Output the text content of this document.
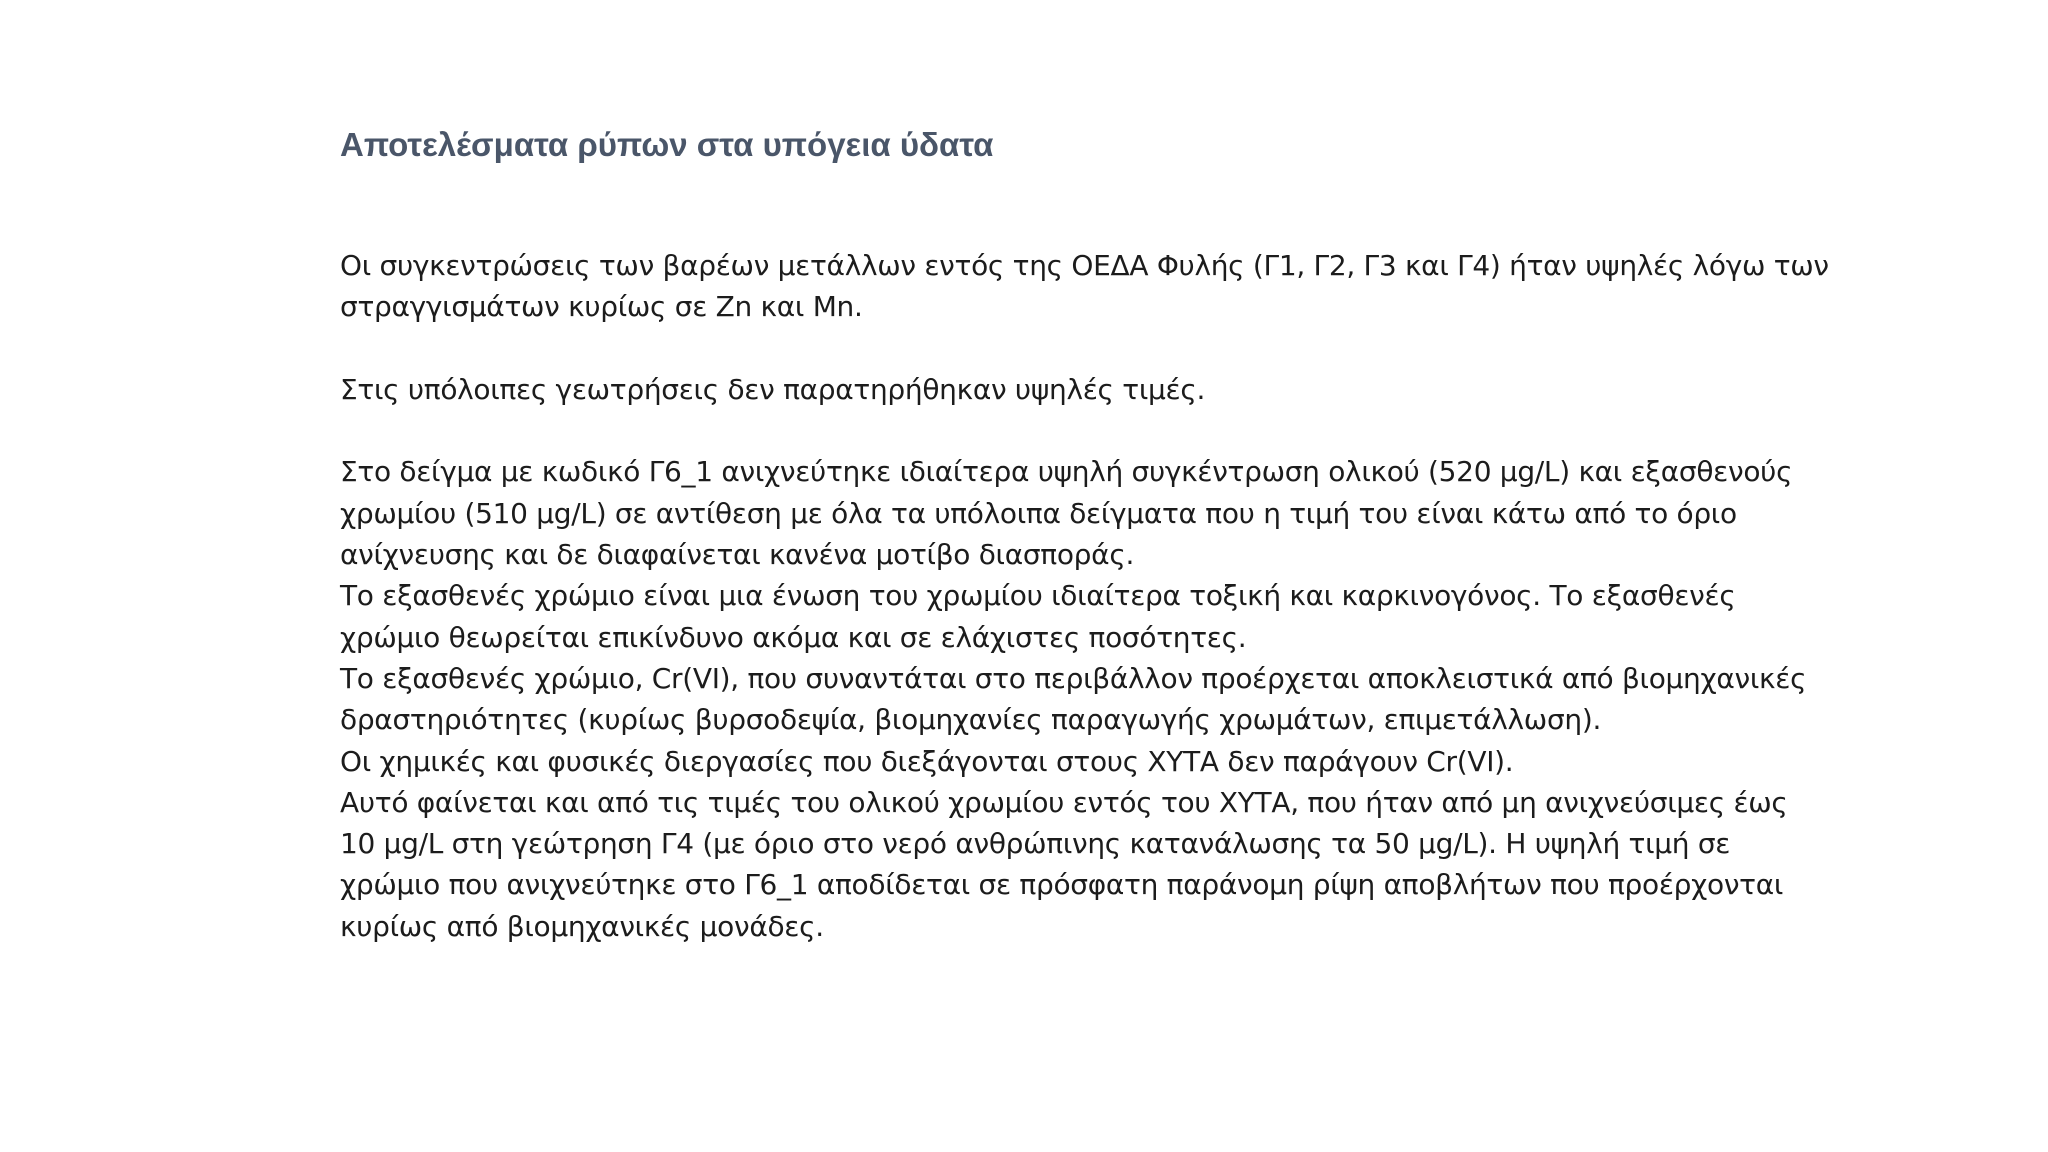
Αποτελέσματα ρύπων στα υπόγεια ύδατα

Οι συγκεντρώσεις των βαρέων μετάλλων εντός της ΟΕΔΑ Φυλής (Γ1, Γ2, Γ3 και Γ4) ήταν υψηλές λόγω των
στραγγισμάτων κυρίως σε Zn και Mn.

Στις υπόλοιπες γεωτρήσεις δεν παρατηρήθηκαν υψηλές τιμές.

Στο δείγμα με κωδικό Γ6_1 ανιχνεύτηκε ιδιαίτερα υψηλή συγκέντρωση ολικού (520 μg/L) και εξασθενούς
χρωμίου (510 μg/L) σε αντίθεση με όλα τα υπόλοιπα δείγματα που η τιμή του είναι κάτω από το όριο
ανίχνευσης και δε διαφαίνεται κανένα μοτίβο διασποράς.
Το εξασθενές χρώμιο είναι μια ένωση του χρωμίου ιδιαίτερα τοξική και καρκινογόνος. Το εξασθενές
χρώμιο θεωρείται επικίνδυνο ακόμα και σε ελάχιστες ποσότητες.
Το εξασθενές χρώμιο, Cr(VI), που συναντάται στο περιβάλλον προέρχεται αποκλειστικά από βιομηχανικές
δραστηριότητες (κυρίως βυρσοδεψία, βιομηχανίες παραγωγής χρωμάτων, επιμετάλλωση).
Οι χημικές και φυσικές διεργασίες που διεξάγονται στους ΧΥΤΑ δεν παράγουν Cr(VI).
Αυτό φαίνεται και από τις τιμές του ολικού χρωμίου εντός του ΧΥΤΑ, που ήταν από μη ανιχνεύσιμες έως
10 μg/L στη γεώτρηση Γ4 (με όριο στο νερό ανθρώπινης κατανάλωσης τα 50 μg/L). Η υψηλή τιμή σε
χρώμιο που ανιχνεύτηκε στο Γ6_1 αποδίδεται σε πρόσφατη παράνομη ρίψη αποβλήτων που προέρχονται
κυρίως από βιομηχανικές μονάδες.
